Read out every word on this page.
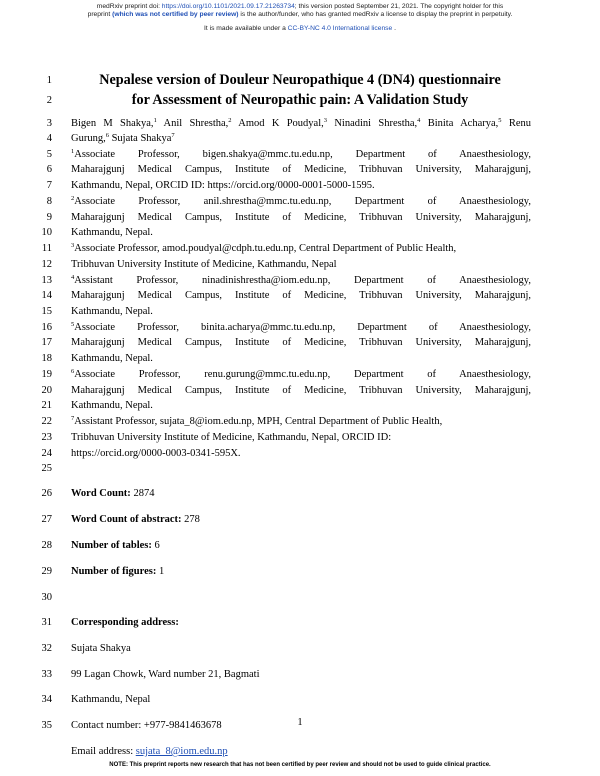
medRxiv preprint doi: https://doi.org/10.1101/2021.09.17.21263734; this version posted September 21, 2021. The copyright holder for this
preprint (which was not certified by peer review) is the author/funder, who has granted medRxiv a license to display the preprint in perpetuity.
It is made available under a CC-BY-NC 4.0 International license .
1
2
3
4
5
6
7
8
9
10
11
12
13
14
15
16
17
18
19
20
21
22
23
24
25
26
27
28
29
30
31
32
33
34
35
Nepalese version of Douleur Neuropathique 4 (DN4) questionnaire
for Assessment of Neuropathic pain: A Validation Study
Bigen M Shakya,$^1$ Anil Shrestha,$^2$ Amod K Poudyal,$^3$ Ninadini Shrestha,$^4$ Binita Acharya,$^5$ Renu
Gurung,$^6$ Sujata Shakya$^7$
$^1$Associate Professor, bigen.shakya@mmc.tu.edu.np, Department of Anaesthesiology,
Maharajgunj Medical Campus, Institute of Medicine, Tribhuvan University, Maharajgunj,
Kathmandu, Nepal, ORCID ID: https://orcid.org/0000-0001-5000-1595.
$^2$Associate Professor, anil.shrestha@mmc.tu.edu.np, Department of Anaesthesiology,
Maharajgunj Medical Campus, Institute of Medicine, Tribhuvan University, Maharajgunj,
Kathmandu, Nepal.
$^3$Associate Professor, amod.poudyal@cdph.tu.edu.np, Central Department of Public Health,
Tribhuvan University Institute of Medicine, Kathmandu, Nepal
$^4$Assistant Professor, ninadinishrestha@iom.edu.np, Department of Anaesthesiology,
Maharajgunj Medical Campus, Institute of Medicine, Tribhuvan University, Maharajgunj,
Kathmandu, Nepal.
$^5$Associate Professor, binita.acharya@mmc.tu.edu.np, Department of Anaesthesiology,
Maharajgunj Medical Campus, Institute of Medicine, Tribhuvan University, Maharajgunj,
Kathmandu, Nepal.
$^6$Associate Professor, renu.gurung@mmc.tu.edu.np, Department of Anaesthesiology,
Maharajgunj Medical Campus, Institute of Medicine, Tribhuvan University, Maharajgunj,
Kathmandu, Nepal.
$^7$Assistant Professor, sujata_8@iom.edu.np, MPH, Central Department of Public Health,
Tribhuvan University Institute of Medicine, Kathmandu, Nepal, ORCID ID:
https://orcid.org/0000-0003-0341-595X.
Word Count: 2874
Word Count of abstract: 278
Number of tables: 6
Number of figures: 1
Corresponding address:
Sujata Shakya
99 Lagan Chowk, Ward number 21, Bagmati
Kathmandu, Nepal
Contact number: +977-9841463678	1
Email address: sujata_8@iom.edu.np
NOTE: This preprint reports new research that has not been certified by peer review and should not be used to guide clinical practice.
